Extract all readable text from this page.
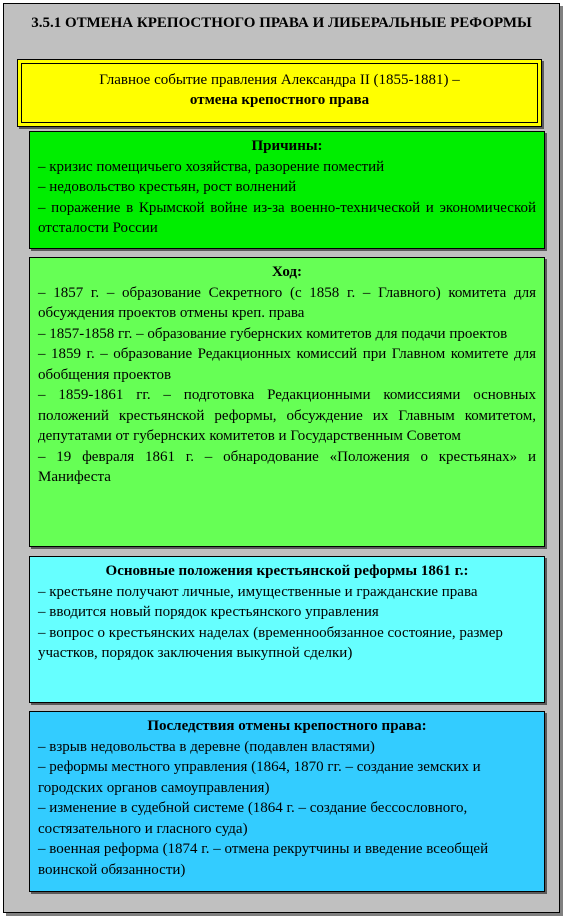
3.5.1 ОТМЕНА КРЕПОСТНОГО ПРАВА И ЛИБЕРАЛЬНЫЕ РЕФОРМЫ
Главное событие правления Александра II (1855-1881) –
отмена крепостного права
Причины:
– кризис помещичьего хозяйства, разорение поместий
– недовольство крестьян, рост волнений
– поражение в Крымской войне из-за военно-технической и экономической отсталости России
Ход:
– 1857 г. – образование Секретного (с 1858 г. – Главного) комитета для обсуждения проектов отмены креп. права
– 1857-1858 гг. – образование губернских комитетов для подачи проектов
– 1859 г. – образование Редакционных комиссий при Главном комитете для обобщения проектов
– 1859-1861 гг. – подготовка Редакционными комиссиями основных положений крестьянской реформы, обсуждение их Главным комитетом, депутатами от губернских комитетов и Государственным Советом
– 19 февраля 1861 г. – обнародование «Положения о крестьянах» и Манифеста
Основные положения крестьянской реформы 1861 г.:
– крестьяне получают личные, имущественные и гражданские права
– вводится новый порядок крестьянского управления
– вопрос о крестьянских наделах (временнообязанное состояние, размер участков, порядок заключения выкупной сделки)
Последствия отмены крепостного права:
– взрыв недовольства в деревне (подавлен властями)
– реформы местного управления (1864, 1870 гг. – создание земских и городских органов самоуправления)
– изменение в судебной системе (1864 г. – создание бессословного, состязательного и гласного суда)
– военная реформа (1874 г. – отмена рекрутчины и введение всеобщей воинской обязанности)
